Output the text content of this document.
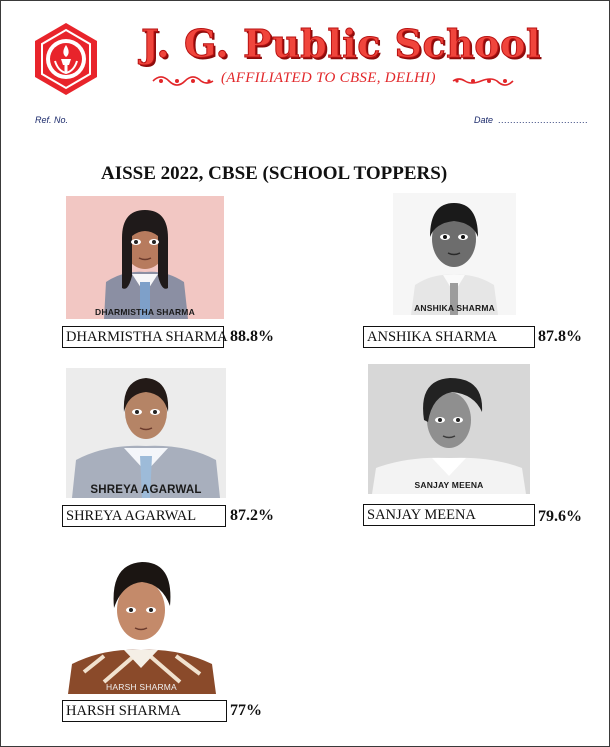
J. G. Public School
(AFFILIATED TO CBSE, DELHI)
Ref. No.	Date ..............................
AISSE 2022, CBSE (SCHOOL TOPPERS)
DHARMISTHA SHARMA
DHARMISTHA SHARMA 88.8%
ANSHIKA SHARMA
ANSHIKA SHARMA	87.8%
SHREYA AGARWAL
SHREYA AGARWAL	87.2%
SANJAY MEENA
SANJAY MEENA	79.6%
HARSH SHARMA
HARSH SHARMA	77%
